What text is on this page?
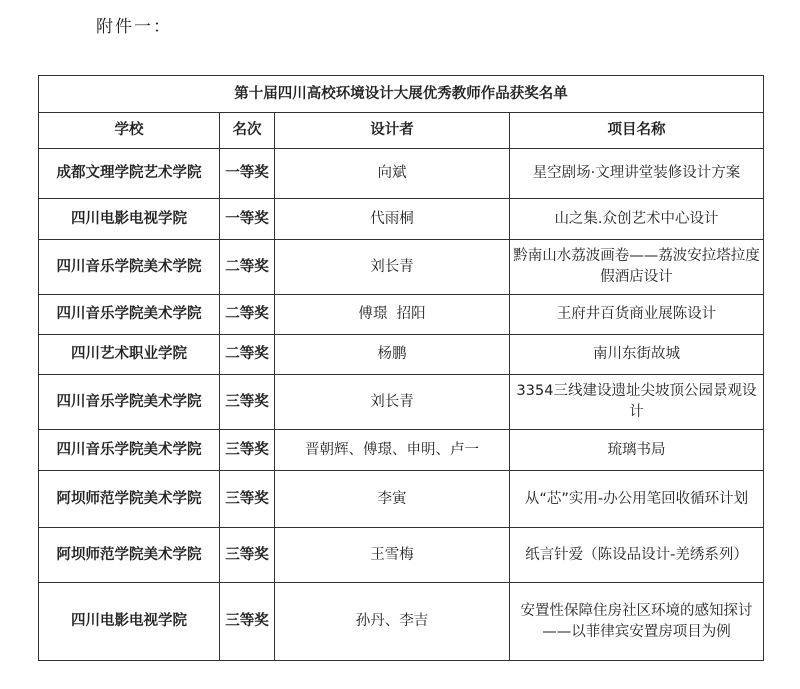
附件一：
第十届四川高校环境设计大展优秀教师作品获奖名单			
学校	名次	设计者	项目名称
成都文理学院艺术学院	一等奖	向斌	星空剧场·文理讲堂装修设计方案
四川电影电视学院	一等奖	代雨桐	山之集.众创艺术中心设计
四川音乐学院美术学院	二等奖	刘长青	黔南山水荔波画卷——荔波安拉塔拉度假酒店设计
四川音乐学院美术学院	二等奖	傅璟  招阳	王府井百货商业展陈设计
四川艺术职业学院	二等奖	杨鹏	南川东街故城
四川音乐学院美术学院	三等奖	刘长青	3354三线建设遗址尖坡顶公园景观设计
四川音乐学院美术学院	三等奖	晋朝辉、傅璟、申明、卢一	琉璃书局
阿坝师范学院美术学院	三等奖	李寅	从“芯”实用-办公用笔回收循环计划
阿坝师范学院美术学院	三等奖	王雪梅	纸言针爱（陈设品设计-羌绣系列）
四川电影电视学院	三等奖	孙丹、李吉	安置性保障住房社区环境的感知探讨——以菲律宾安置房项目为例
